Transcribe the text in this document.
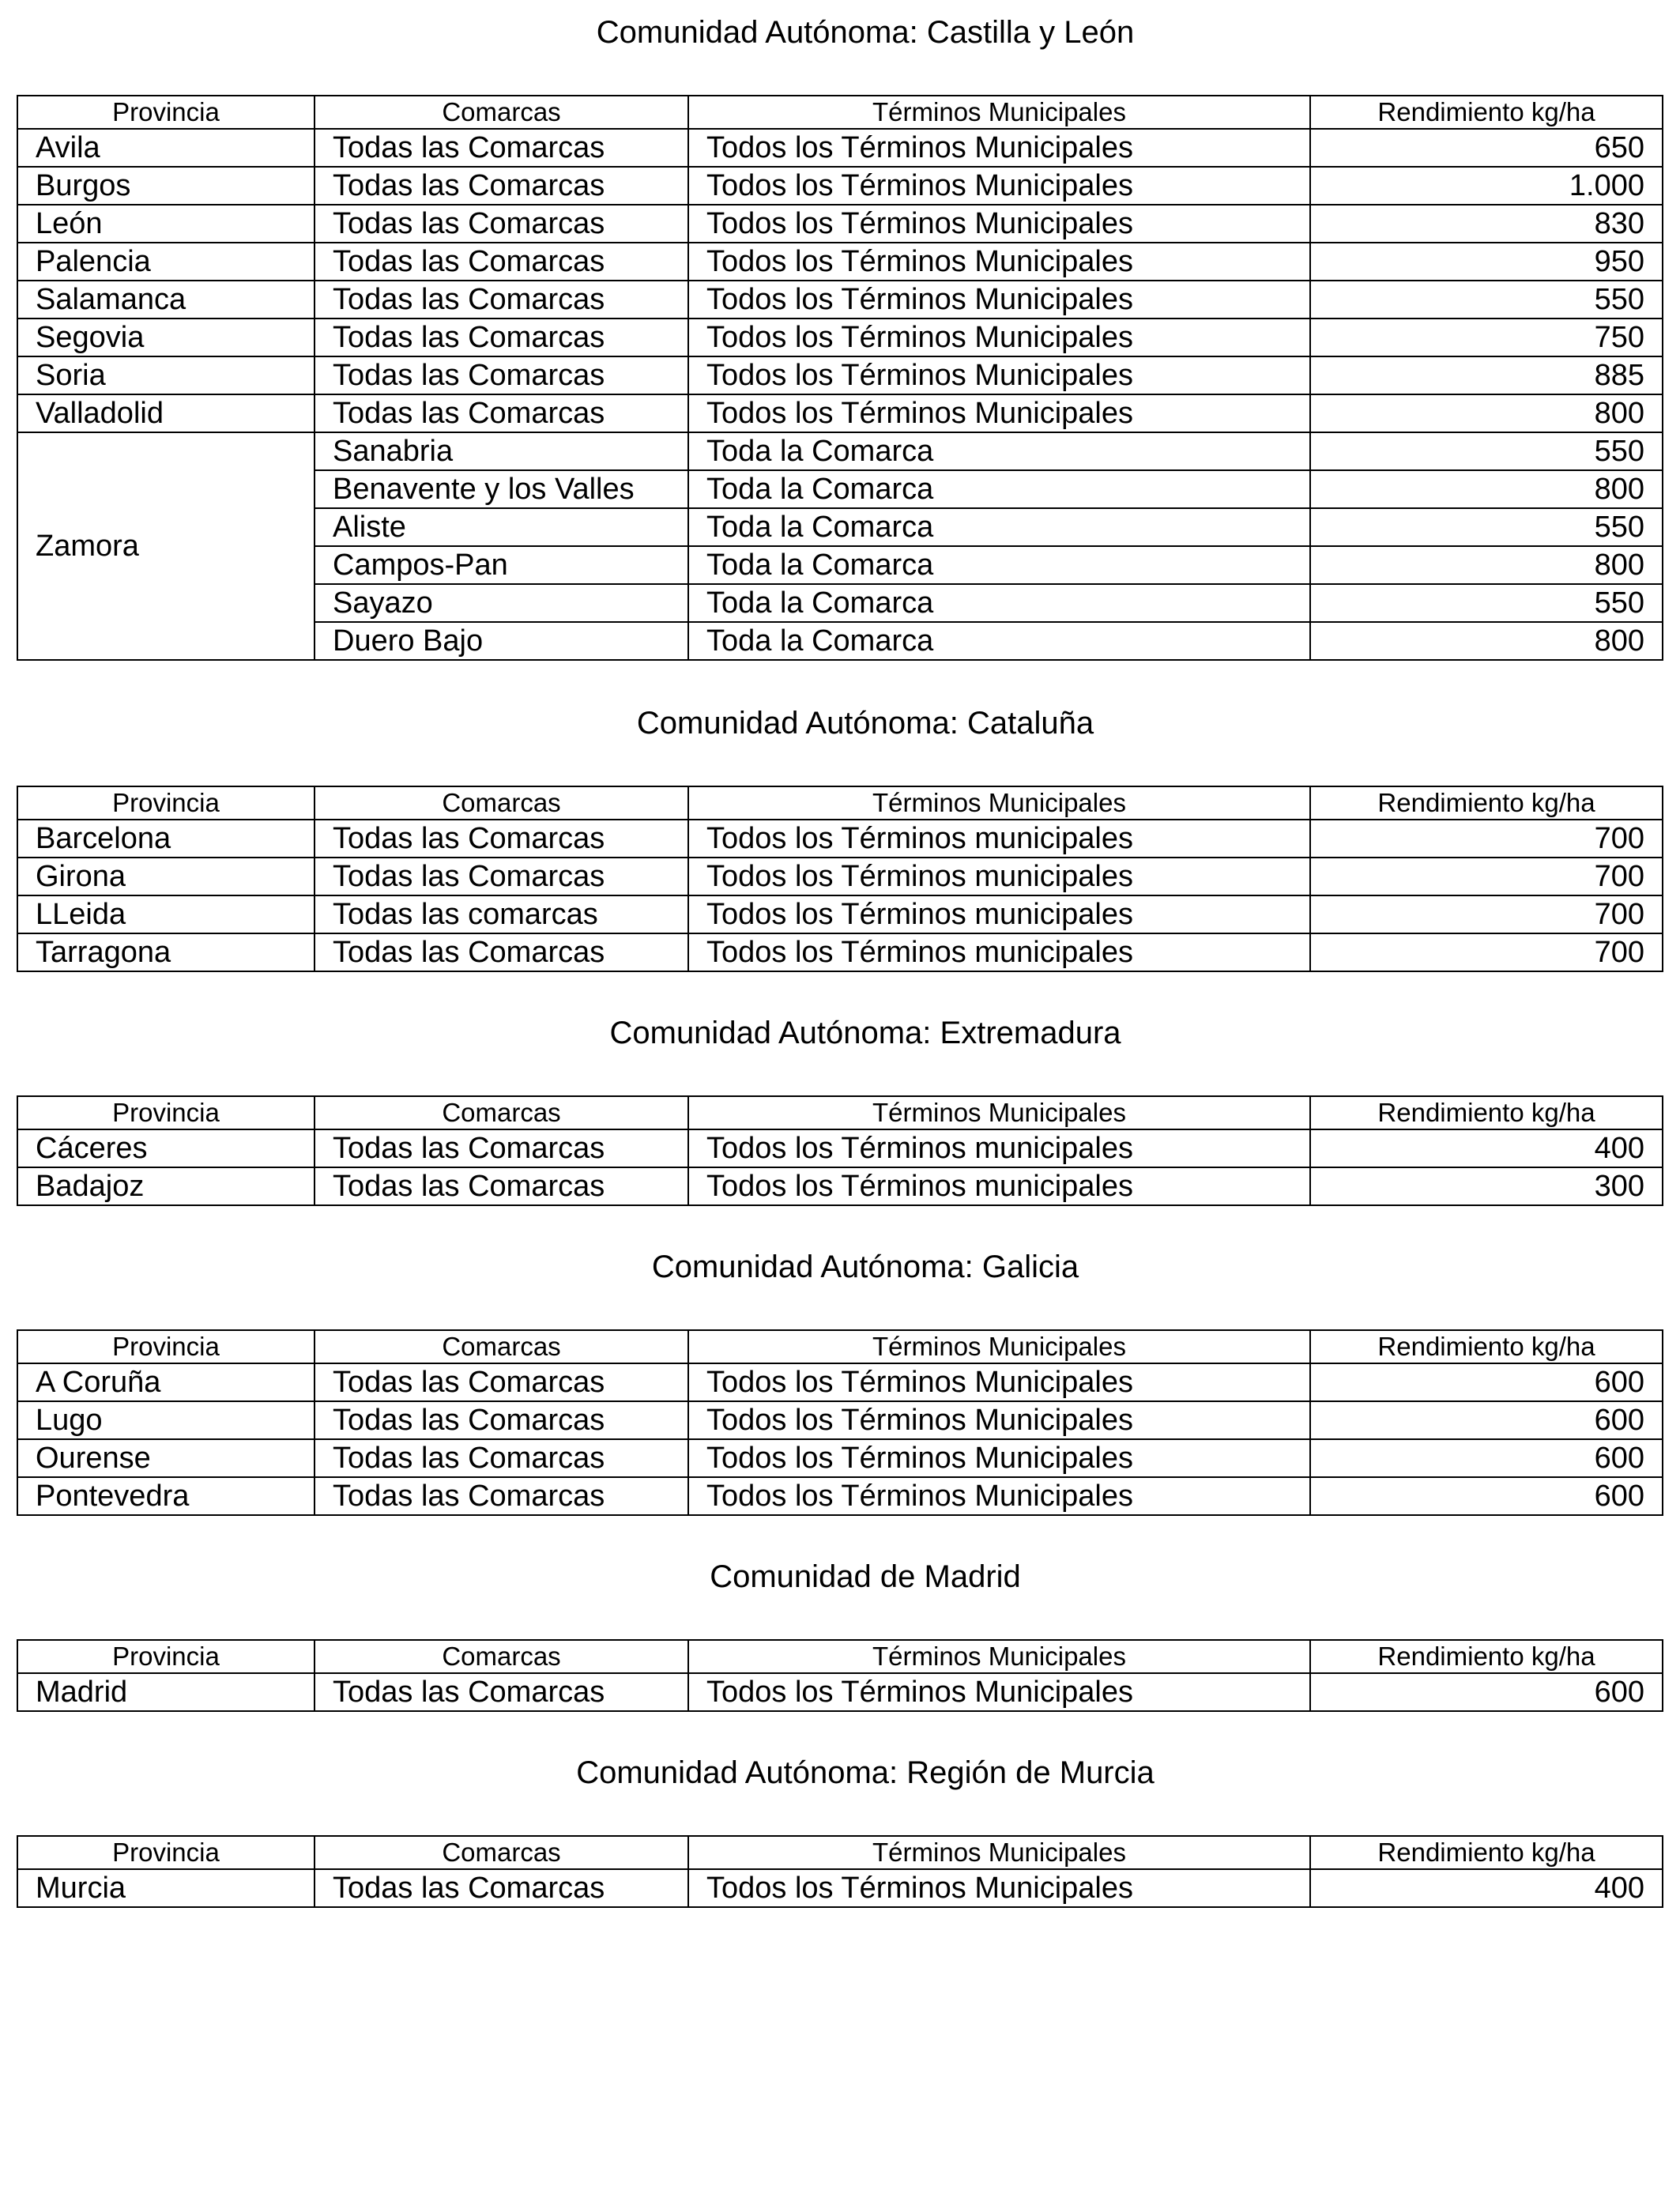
Comunidad Autónoma: Castilla y León
Provincia	Comarcas	Términos Municipales	Rendimiento kg/ha
Avila	Todas las Comarcas	Todos los Términos Municipales	650
Burgos	Todas las Comarcas	Todos los Términos Municipales	1.000
León	Todas las Comarcas	Todos los Términos Municipales	830
Palencia	Todas las Comarcas	Todos los Términos Municipales	950
Salamanca	Todas las Comarcas	Todos los Términos Municipales	550
Segovia	Todas las Comarcas	Todos los Términos Municipales	750
Soria	Todas las Comarcas	Todos los Términos Municipales	885
Valladolid	Todas las Comarcas	Todos los Términos Municipales	800
Zamora	Sanabria	Toda la Comarca	550
	Benavente y los Valles	Toda la Comarca	800
	Aliste	Toda la Comarca	550
	Campos-Pan	Toda la Comarca	800
	Sayazo	Toda la Comarca	550
	Duero Bajo	Toda la Comarca	800
Comunidad Autónoma: Cataluña
Provincia	Comarcas	Términos Municipales	Rendimiento kg/ha
Barcelona	Todas las Comarcas	Todos los Términos municipales	700
Girona	Todas las Comarcas	Todos los Términos municipales	700
LLeida	Todas las comarcas	Todos los Términos municipales	700
Tarragona	Todas las Comarcas	Todos los Términos municipales	700
Comunidad Autónoma: Extremadura
Provincia	Comarcas	Términos Municipales	Rendimiento kg/ha
Cáceres	Todas las Comarcas	Todos los Términos municipales	400
Badajoz	Todas las Comarcas	Todos los Términos municipales	300
Comunidad Autónoma: Galicia
Provincia	Comarcas	Términos Municipales	Rendimiento kg/ha
A Coruña	Todas las Comarcas	Todos los Términos Municipales	600
Lugo	Todas las Comarcas	Todos los Términos Municipales	600
Ourense	Todas las Comarcas	Todos los Términos Municipales	600
Pontevedra	Todas las Comarcas	Todos los Términos Municipales	600
Comunidad de Madrid
Provincia	Comarcas	Términos Municipales	Rendimiento kg/ha
Madrid	Todas las Comarcas	Todos los Términos Municipales	600
Comunidad Autónoma: Región de Murcia
Provincia	Comarcas	Términos Municipales	Rendimiento kg/ha
Murcia	Todas las Comarcas	Todos los Términos Municipales	400
